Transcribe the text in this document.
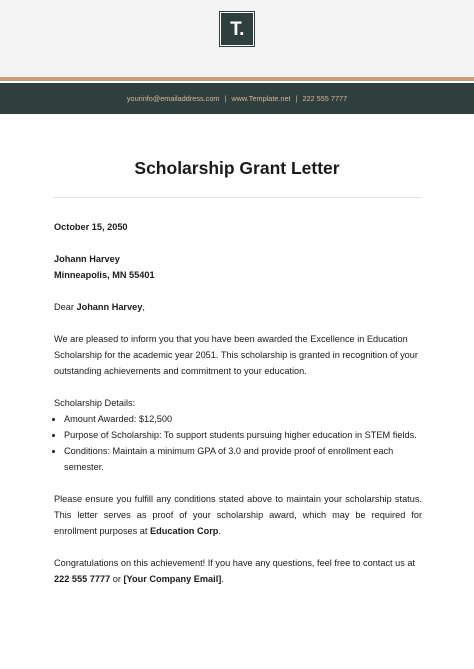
T.
yourinfo@emailaddress.com | www.Template.net | 222 555 7777
Scholarship Grant Letter

October 15, 2050

Johann Harvey

Minneapolis, MN 55401

Dear Johann Harvey,

We are pleased to inform you that you have been awarded the Excellence in Education Scholarship for the academic year 2051. This scholarship is granted in recognition of your outstanding achievements and commitment to your education.

Scholarship Details:

• Amount Awarded: $12,500
• Purpose of Scholarship: To support students pursuing higher education in STEM fields.
• Conditions: Maintain a minimum GPA of 3.0 and provide proof of enrollment each semester.

Please ensure you fulfill any conditions stated above to maintain your scholarship status. This letter serves as proof of your scholarship award, which may be required for enrollment purposes at Education Corp.

Congratulations on this achievement! If you have any questions, feel free to contact us at 222 555 7777 or [Your Company Email].
